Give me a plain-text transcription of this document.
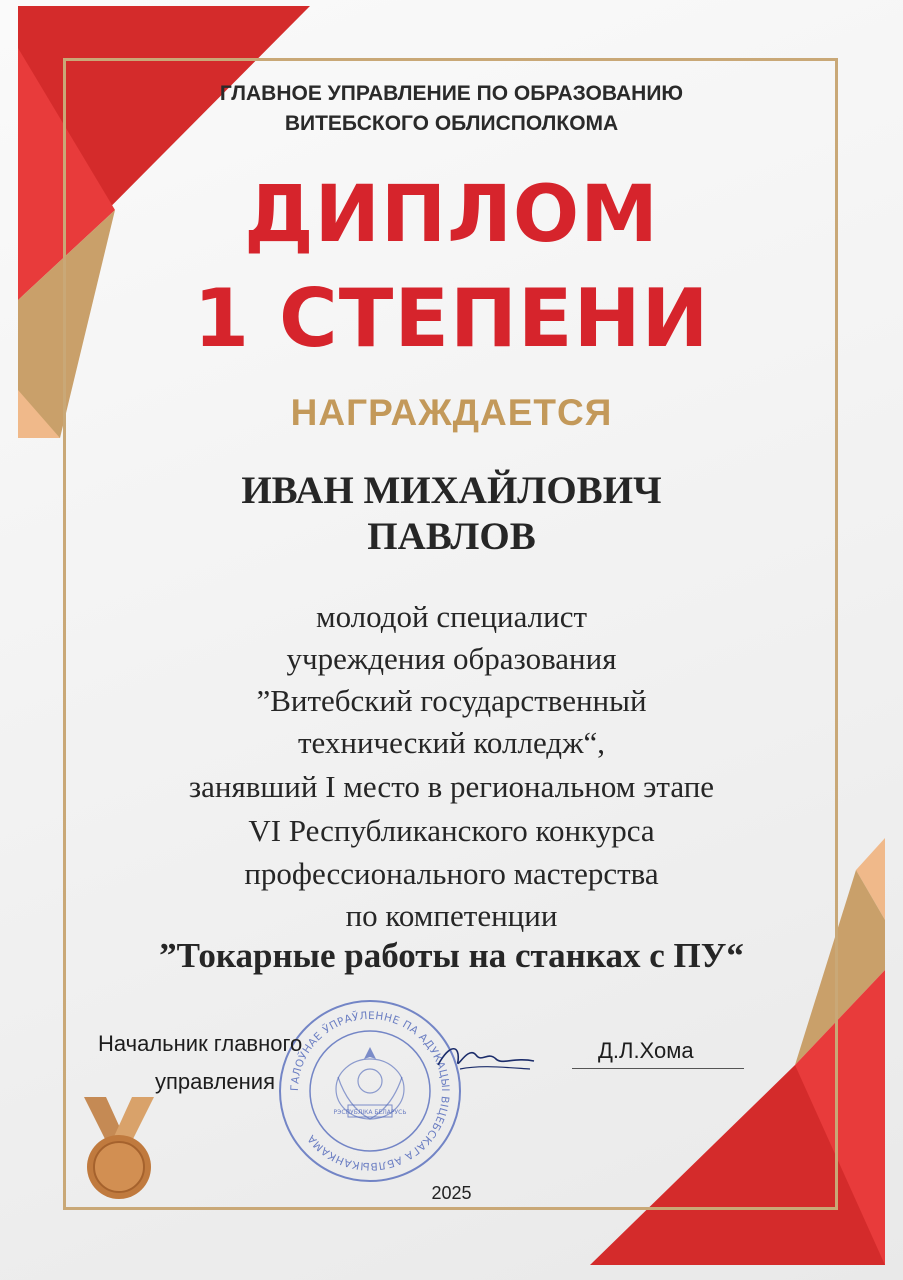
ГЛАВНОЕ УПРАВЛЕНИЕ ПО ОБРАЗОВАНИЮ
ВИТЕБСКОГО ОБЛИСПОЛКОМА
ДИПЛОМ
1 СТЕПЕНИ
НАГРАЖДАЕТСЯ
ИВАН МИХАЙЛОВИЧ
ПАВЛОВ
молодой специалист
учреждения образования
”Витебский государственный
технический колледж“,
занявший I место в региональном этапе
VI Республиканского конкурса
профессионального мастерства
по компетенции
”Токарные работы на станках с ПУ“
ГАЛОЎНАЕ ЎПРАЎЛЕННЕ ПА АДУКАЦЫІ ВІЦЕБСКАГА АБЛВЫКАНКАМА
РЭСПУБЛІКА БЕЛАРУСЬ
Начальник главного
управления
Д.Л.Хома
2025
